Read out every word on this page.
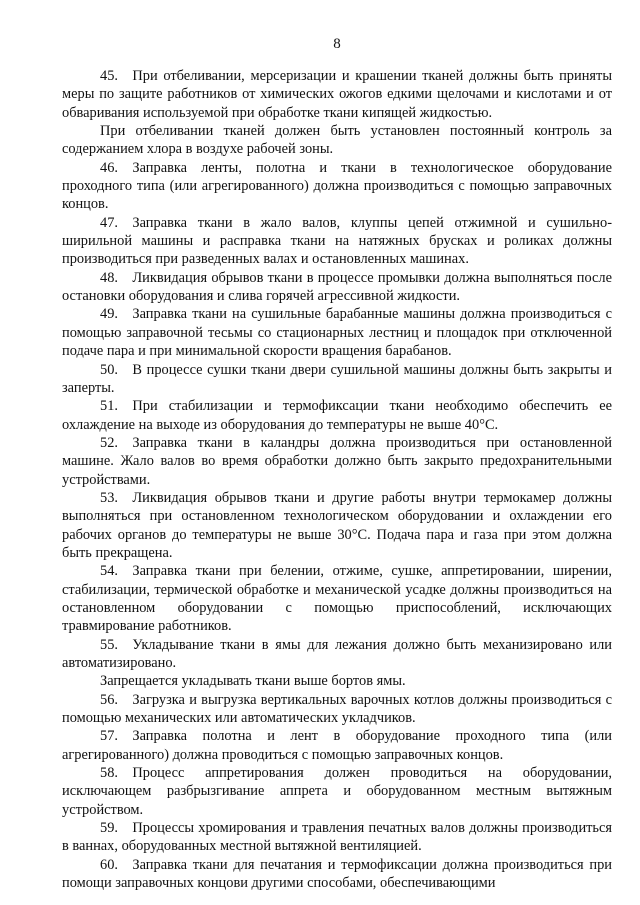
8

45.  При отбеливании, мерсеризации и крашении тканей должны быть приняты меры по защите работников от химических ожогов едкими щелочами и кислотами и от обваривания используемой при обработке ткани кипящей жидкостью.

При отбеливании тканей должен быть установлен постоянный контроль за содержанием хлора в воздухе рабочей зоны.

46.  Заправка ленты, полотна и ткани в технологическое оборудование проходного типа (или агрегированного) должна производиться с помощью заправочных концов.

47.  Заправка ткани в жало валов, клуппы цепей отжимной и сушильно-ширильной машины и расправка ткани на натяжных брусках и роликах должны производиться при разведенных валах и остановленных машинах.

48.  Ликвидация обрывов ткани в процессе промывки должна выполняться после остановки оборудования и слива горячей агрессивной жидкости.

49.  Заправка ткани на сушильные барабанные машины должна производиться с помощью заправочной тесьмы со стационарных лестниц и площадок при отключенной подаче пара и при минимальной скорости вращения барабанов.

50.  В процессе сушки ткани двери сушильной машины должны быть закрыты и заперты.

51.  При стабилизации и термофиксации ткани необходимо обеспечить ее охлаждение на выходе из оборудования до температуры не выше 40°С.

52.  Заправка ткани в каландры должна производиться при остановленной машине. Жало валов во время обработки должно быть закрыто предохранительными устройствами.

53.  Ликвидация обрывов ткани и другие работы внутри термокамер должны выполняться при остановленном технологическом оборудовании и охлаждении его рабочих органов до температуры не выше 30°С. Подача пара и газа при этом должна быть прекращена.

54.  Заправка ткани при белении, отжиме, сушке, аппретировании, ширении, стабилизации, термической обработке и механической усадке должны производиться на остановленном оборудовании с помощью приспособлений, исключающих травмирование работников.

55.  Укладывание ткани в ямы для лежания должно быть механизировано или автоматизировано.

Запрещается укладывать ткани выше бортов ямы.

56.  Загрузка и выгрузка вертикальных варочных котлов должны производиться с помощью механических или автоматических укладчиков.

57.  Заправка полотна и лент в оборудование проходного типа (или агрегированного) должна проводиться с помощью заправочных концов.

58.  Процесс аппретирования должен проводиться на оборудовании, исключающем разбрызгивание аппрета и оборудованном местным вытяжным устройством.

59.  Процессы хромирования и травления печатных валов должны производиться в ваннах, оборудованных местной вытяжной вентиляцией.

60.  Заправка ткани для печатания и термофиксации должна производиться при помощи заправочных концови другими способами, обеспечивающими
